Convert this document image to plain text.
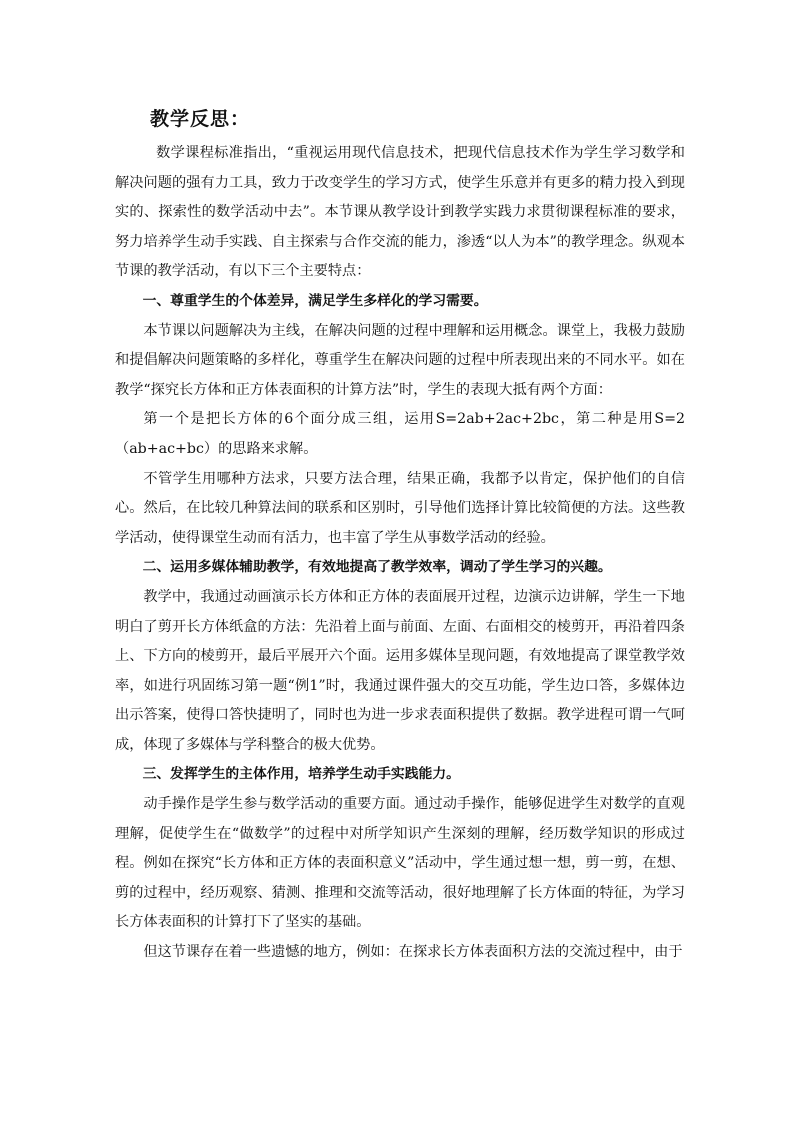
教学反思：

数学课程标准指出，“重视运用现代信息技术，把现代信息技术作为学生学习数学和解决问题的强有力工具，致力于改变学生的学习方式，使学生乐意并有更多的精力投入到现实的、探索性的数学活动中去”。本节课从教学设计到教学实践力求贯彻课程标准的要求，努力培养学生动手实践、自主探索与合作交流的能力，渗透“以人为本”的教学理念。纵观本节课的教学活动，有以下三个主要特点：

一、尊重学生的个体差异，满足学生多样化的学习需要。

本节课以问题解决为主线，在解决问题的过程中理解和运用概念。课堂上，我极力鼓励和提倡解决问题策略的多样化，尊重学生在解决问题的过程中所表现出来的不同水平。如在教学“探究长方体和正方体表面积的计算方法”时，学生的表现大抵有两个方面：

第一个是把长方体的6个面分成三组，运用S=2ab+2ac+2bc，第二种是用S=2（ab+ac+bc）的思路来求解。

不管学生用哪种方法求，只要方法合理，结果正确，我都予以肯定，保护他们的自信心。然后，在比较几种算法间的联系和区别时，引导他们选择计算比较简便的方法。这些教学活动，使得课堂生动而有活力，也丰富了学生从事数学活动的经验。

二、运用多媒体辅助教学，有效地提高了教学效率，调动了学生学习的兴趣。

教学中，我通过动画演示长方体和正方体的表面展开过程，边演示边讲解，学生一下地明白了剪开长方体纸盒的方法：先沿着上面与前面、左面、右面相交的棱剪开，再沿着四条上、下方向的棱剪开，最后平展开六个面。运用多媒体呈现问题，有效地提高了课堂教学效率，如进行巩固练习第一题“例1”时，我通过课件强大的交互功能，学生边口答，多媒体边出示答案，使得口答快捷明了，同时也为进一步求表面积提供了数据。教学进程可谓一气呵成，体现了多媒体与学科整合的极大优势。

三、发挥学生的主体作用，培养学生动手实践能力。

动手操作是学生参与数学活动的重要方面。通过动手操作，能够促进学生对数学的直观理解，促使学生在“做数学”的过程中对所学知识产生深刻的理解，经历数学知识的形成过程。例如在探究“长方体和正方体的表面积意义”活动中，学生通过想一想，剪一剪，在想、剪的过程中，经历观察、猜测、推理和交流等活动，很好地理解了长方体面的特征，为学习长方体表面积的计算打下了坚实的基础。

但这节课存在着一些遗憾的地方，例如：在探求长方体表面积方法的交流过程中，由于
